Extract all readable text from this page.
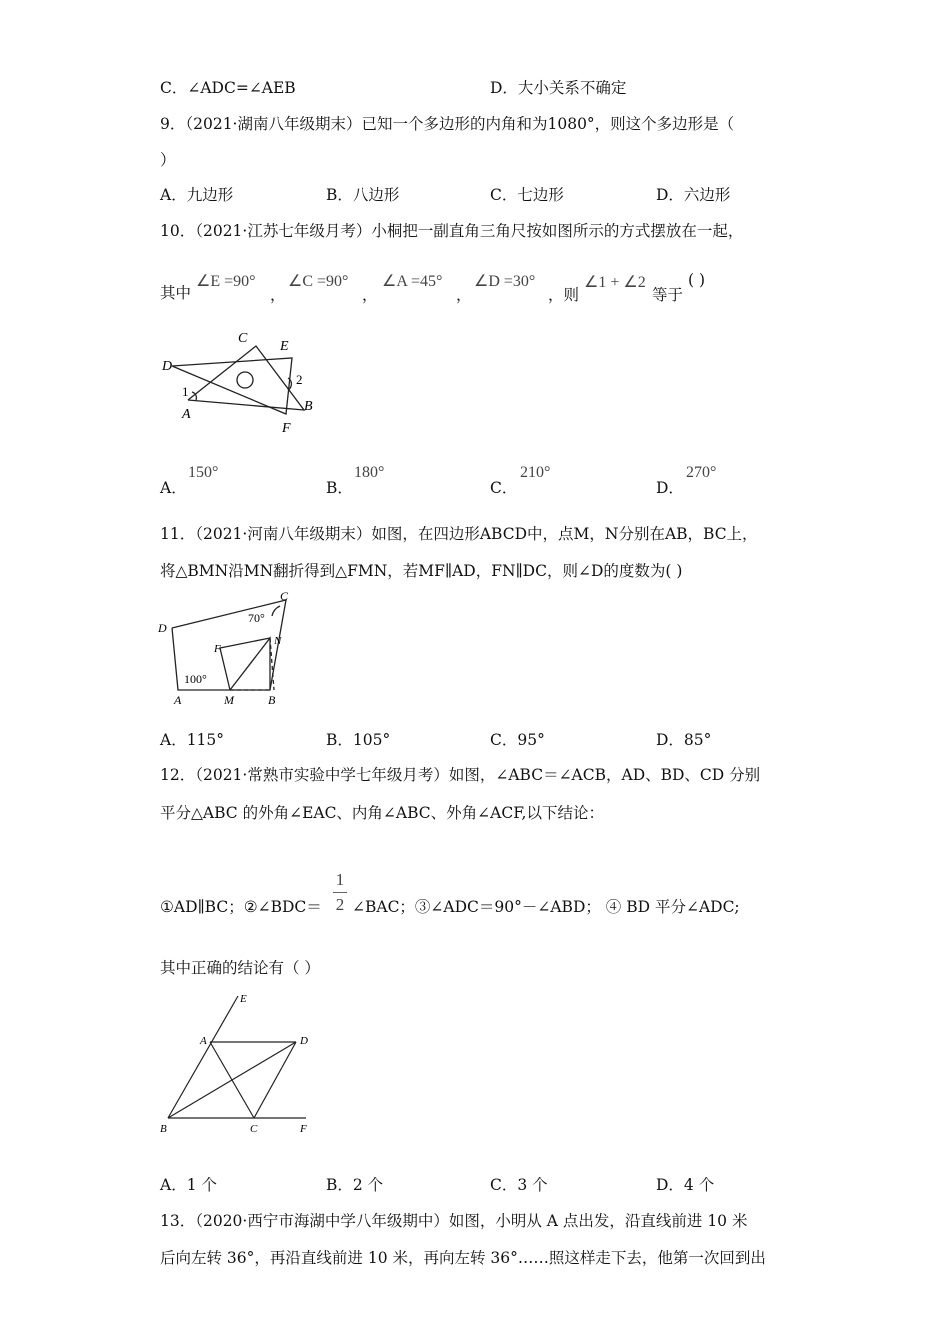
C．∠ADC=∠AEB	D．大小关系不确定
9．（2021·湖南八年级期末）已知一个多边形的内角和为1080°，则这个多边形是（
）
A．九边形	B．八边形	C．七边形	D．六边形
10．（2021·江苏七年级月考）小桐把一副直角三角尺按如图所示的方式摆放在一起，
其中
∠E =90°
，
∠C =90°
，
∠A =45°
，
∠D =30°
，则
∠1 + ∠2
等于
( )
C
E
D
1
2
A
B
F
A．
150°
B．
180°
C．
210°
D．
270°
11．（2021·河南八年级期末）如图，在四边形ABCD中，点M，N分别在AB，BC上，
将△BMN沿MN翻折得到△FMN，若MF∥AD，FN∥DC，则∠D的度数为( )
C
D
70°
F
N
100°
A	M	B
A．115°	B．105°	C．95°	D．85°
12．（2021·常熟市实验中学七年级月考）如图，∠ABC＝∠ACB，AD、BD、CD 分别
平分△ABC 的外角∠EAC、内角∠ABC、外角∠ACF,以下结论：
①AD∥BC；②∠BDC＝
1
2 ∠BAC；③∠ADC＝90°－∠ABD； ④ BD 平分∠ADC;
其中正确的结论有（ ）
E
A	D
B	C	F
A．1 个	B．2 个	C．3 个	D．4 个
13．（2020·西宁市海湖中学八年级期中）如图，小明从 A 点出发，沿直线前进 10 米
后向左转 36°，再沿直线前进 10 米，再向左转 36°……照这样走下去，他第一次回到出
